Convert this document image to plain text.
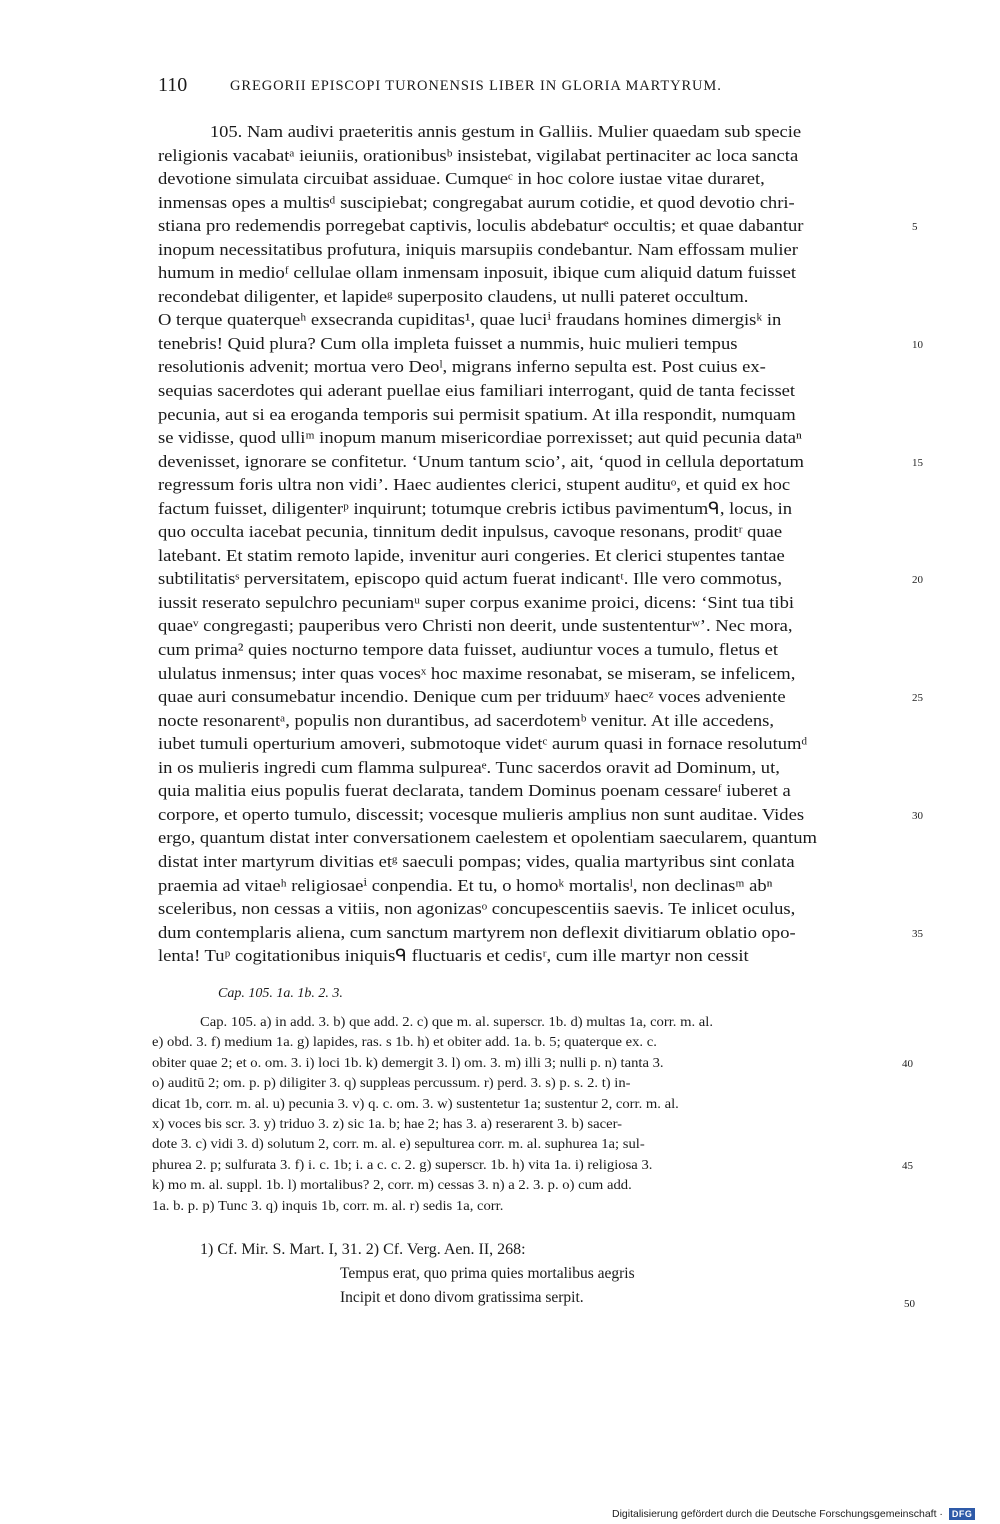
110	GREGORII EPISCOPI TURONENSIS LIBER IN GLORIA MARTYRUM.
105. Nam audivi praeteritis annis gestum in Galliis. Mulier quaedam sub specie
religionis vacabatᵃ ieiuniis, orationibusᵇ insistebat, vigilabat pertinaciter ac loca sancta
devotione simulata circuibat assiduae. Cumqueᶜ in hoc colore iustae vitae duraret,
inmensas opes a multisᵈ suscipiebat; congregabat aurum cotidie, et quod devotio chri-
stiana pro redemendis porregebat captivis, loculis abdebaturᵉ occultis; et quae dabantur	5
inopum necessitatibus profutura, iniquis marsupiis condebantur. Nam effossam mulier
humum in medioᶠ cellulae ollam inmensam inposuit, ibique cum aliquid datum fuisset
recondebat diligenter, et lapideᵍ superposito claudens, ut nulli pateret occultum.
O terque quaterqueʰ exsecranda cupiditas¹, quae luciⁱ fraudans homines dimergisᵏ in
tenebris! Quid plura? Cum olla impleta fuisset a nummis, huic mulieri tempus	10
resolutionis advenit; mortua vero Deoˡ, migrans inferno sepulta est. Post cuius ex-
sequias sacerdotes qui aderant puellae eius familiari interrogant, quid de tanta fecisset
pecunia, aut si ea eroganda temporis sui permisit spatium. At illa respondit, numquam
se vidisse, quod ulliᵐ inopum manum misericordiae porrexisset; aut quid pecunia dataⁿ
devenisset, ignorare se confitetur. ‘Unum tantum scio’, ait, ‘quod in cellula deportatum	15
regressum foris ultra non vidi’. Haec audientes clerici, stupent audituᵒ, et quid ex hoc
factum fuisset, diligenterᵖ inquirunt; totumque crebris ictibus pavimentumᑫ, locus, in
quo occulta iacebat pecunia, tinnitum dedit inpulsus, cavoque resonans, proditʳ quae
latebant. Et statim remoto lapide, invenitur auri congeries. Et clerici stupentes tantae
subtilitatisˢ perversitatem, episcopo quid actum fuerat indicantᵗ. Ille vero commotus,	20
iussit reserato sepulchro pecuniamᵘ super corpus exanime proici, dicens: ‘Sint tua tibi
quaeᵛ congregasti; pauperibus vero Christi non deerit, unde sustententurʷ’. Nec mora,
cum prima² quies nocturno tempore data fuisset, audiuntur voces a tumulo, fletus et
ululatus inmensus; inter quas vocesˣ hoc maxime resonabat, se miseram, se infelicem,
quae auri consumebatur incendio. Denique cum per triduumʸ haecᶻ voces adveniente	25
nocte resonarentᵃ, populis non durantibus, ad sacerdotemᵇ venitur. At ille accedens,
iubet tumuli operturium amoveri, submotoque videtᶜ aurum quasi in fornace resolutumᵈ
in os mulieris ingredi cum flamma sulpureaᵉ. Tunc sacerdos oravit ad Dominum, ut,
quia malitia eius populis fuerat declarata, tandem Dominus poenam cessareᶠ iuberet a
corpore, et operto tumulo, discessit; vocesque mulieris amplius non sunt auditae. Vides	30
ergo, quantum distat inter conversationem caelestem et opolentiam saecularem, quantum
distat inter martyrum divitias etᵍ saeculi pompas; vides, qualia martyribus sint conlata
praemia ad vitaeʰ religiosaeⁱ conpendia. Et tu, o homoᵏ mortalisˡ, non declinasᵐ abⁿ
sceleribus, non cessas a vitiis, non agonizasᵒ concupescentiis saevis. Te inlicet oculus,
dum contemplaris aliena, cum sanctum martyrem non deflexit divitiarum oblatio opo-	35
lenta! Tuᵖ cogitationibus iniquisᑫ fluctuaris et cedisʳ, cum ille martyr non cessit
Cap. 105. 1a. 1b. 2. 3.
Cap. 105. a) in add. 3. b) que add. 2. c) que m. al. superscr. 1b. d) multas 1a, corr. m. al.
e) obd. 3. f) medium 1a. g) lapides, ras. s 1b. h) et obiter add. 1a. b. 5; quaterque ex. c.
obiter quae 2; et o. om. 3. i) loci 1b. k) demergit 3. l) om. 3. m) illi 3; nulli p. n) tanta 3.	40
o) auditū 2; om. p. p) diligiter 3. q) suppleas percussum. r) perd. 3. s) p. s. 2. t) in-
dicat 1b, corr. m. al. u) pecunia 3. v) q. c. om. 3. w) sustentetur 1a; sustentur 2, corr. m. al.
x) voces bis scr. 3. y) triduo 3. z) sic 1a. b; hae 2; has 3. a) reserarent 3. b) sacer-
dote 3. c) vidi 3. d) solutum 2, corr. m. al. e) sepulturea corr. m. al. suphurea 1a; sul-
phurea 2. p; sulfurata 3. f) i. c. 1b; i. a c. c. 2. g) superscr. 1b. h) vita 1a. i) religiosa 3.	45
k) mo m. al. suppl. 1b. l) mortalibus? 2, corr. m) cessas 3. n) a 2. 3. p. o) cum add.
1a. b. p. p) Tunc 3. q) inquis 1b, corr. m. al. r) sedis 1a, corr.
1) Cf. Mir. S. Mart. I, 31. 2) Cf. Verg. Aen. II, 268:
Tempus erat, quo prima quies mortalibus aegris
Incipit et dono divom gratissima serpit.	50
Digitalisierung gefördert durch die Deutsche Forschungsgemeinschaft · DFG
